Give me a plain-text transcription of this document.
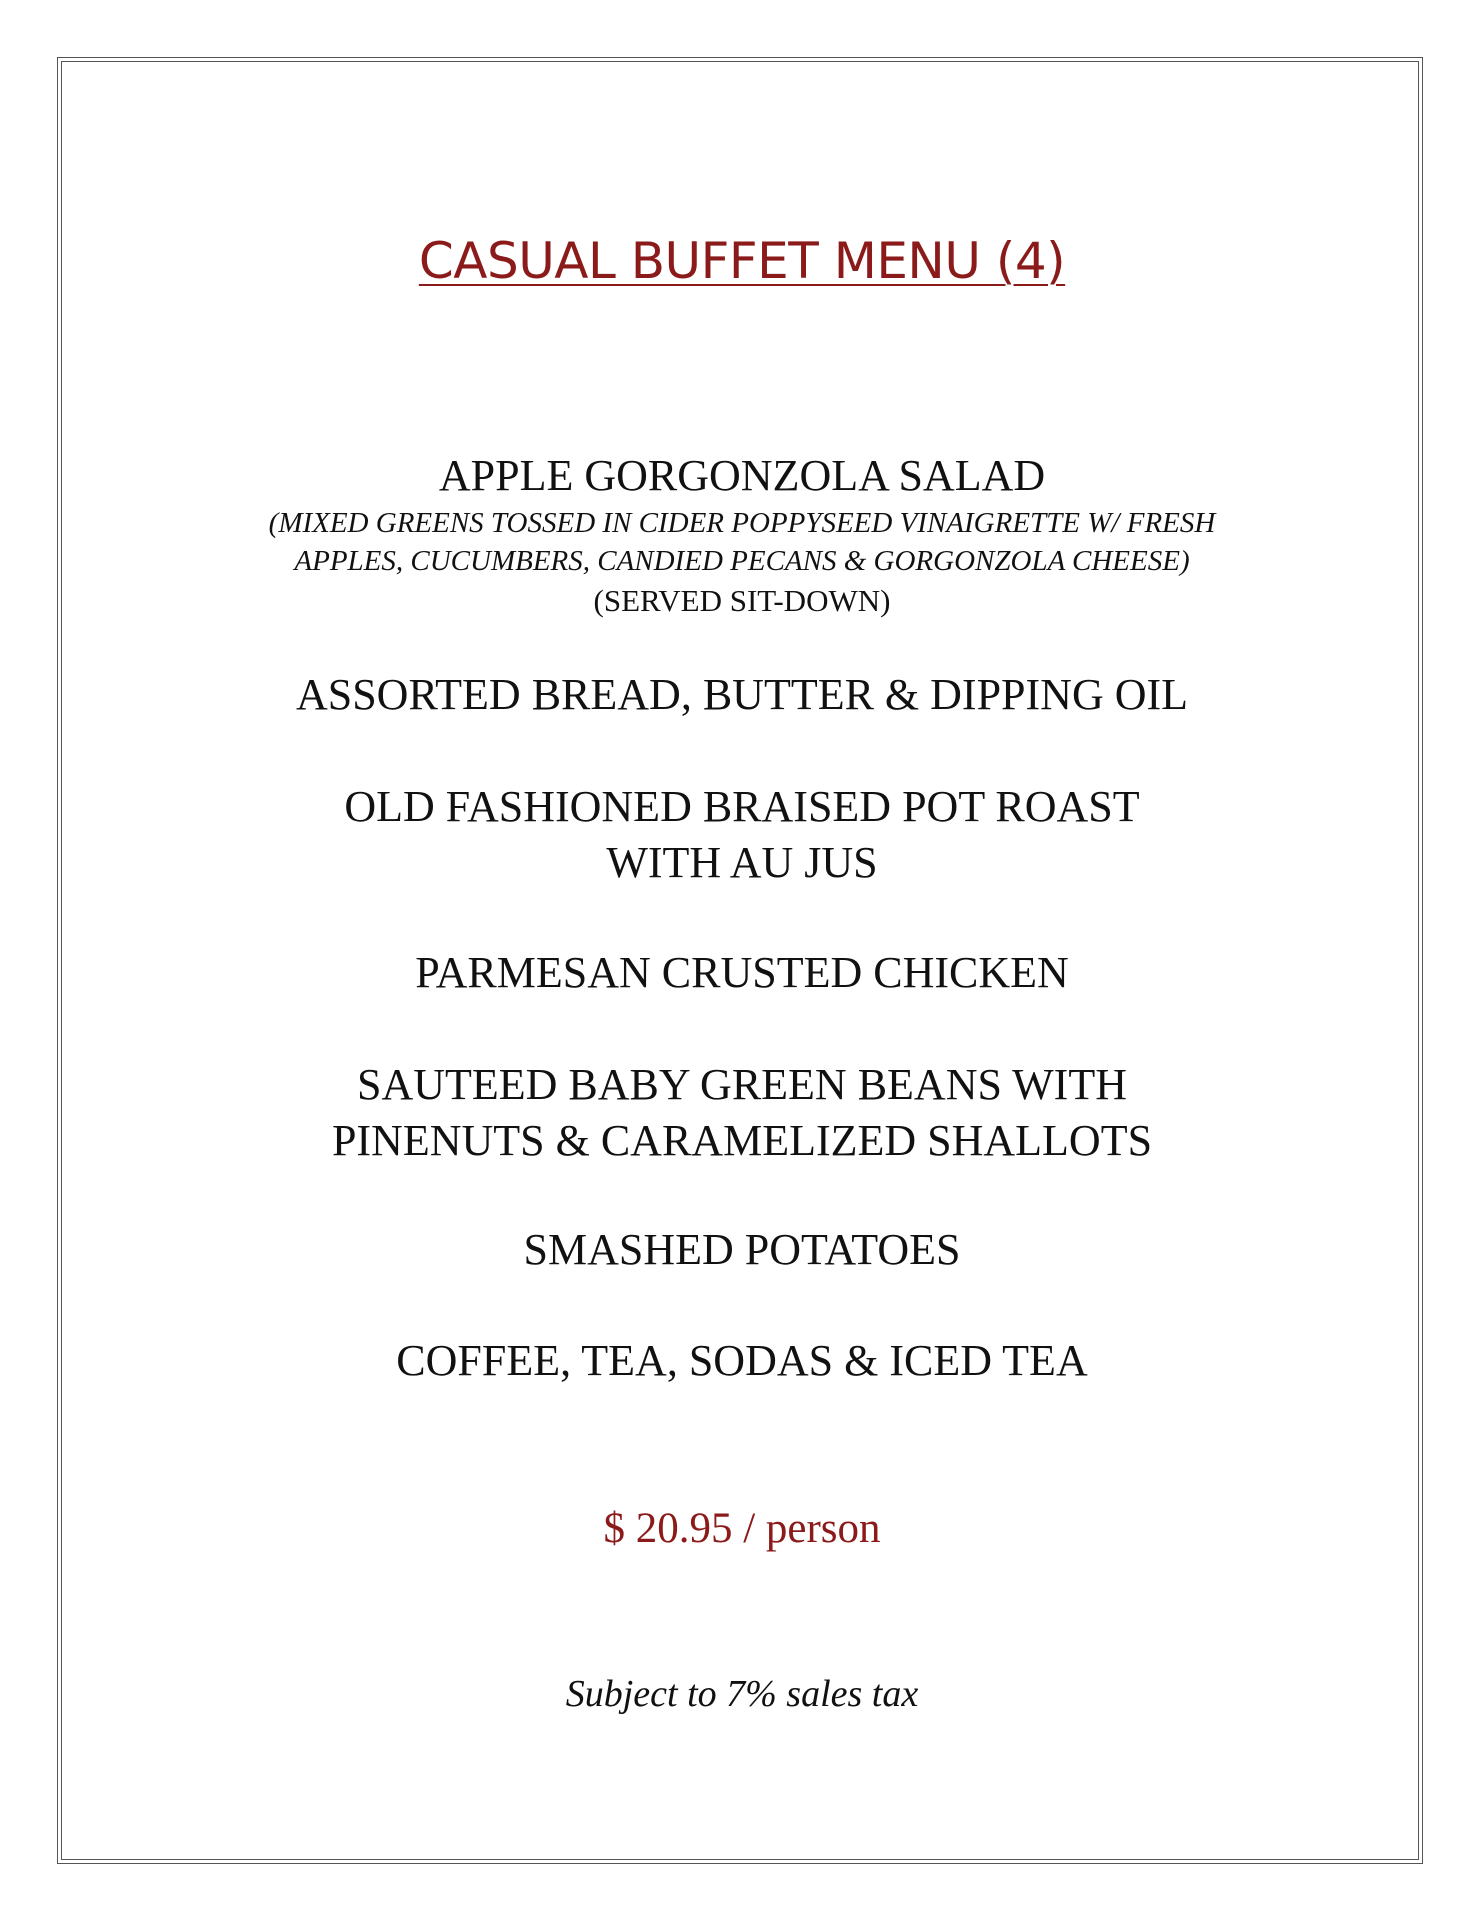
CASUAL BUFFET MENU (4)
APPLE GORGONZOLA SALAD
(MIXED GREENS TOSSED IN CIDER POPPYSEED VINAIGRETTE W/ FRESH
APPLES, CUCUMBERS, CANDIED PECANS & GORGONZOLA CHEESE)
(SERVED SIT-DOWN)
ASSORTED BREAD, BUTTER & DIPPING OIL
OLD FASHIONED BRAISED POT ROAST
WITH AU JUS
PARMESAN CRUSTED CHICKEN
SAUTEED BABY GREEN BEANS WITH
PINENUTS & CARAMELIZED SHALLOTS
SMASHED POTATOES
COFFEE, TEA, SODAS & ICED TEA
$ 20.95 / person
Subject to 7% sales tax
